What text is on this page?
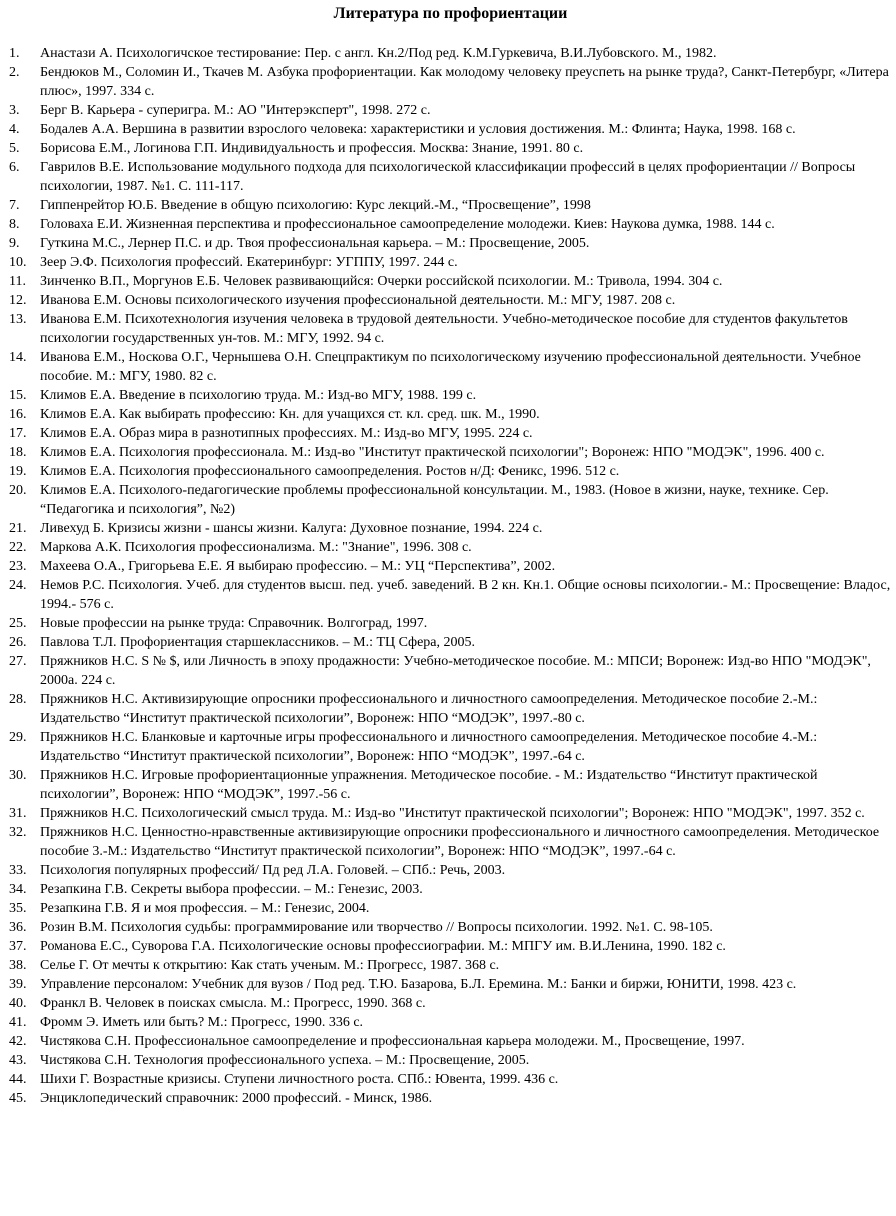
Литература по профориентации
1.	Анастази А. Психологичское тестирование: Пер. с англ. Кн.2/Под ред. К.М.Гуркевича, В.И.Лубовского. М., 1982.
2.	Бендюков М., Соломин И., Ткачев М. Азбука профориентации. Как молодому человеку преуспеть на рынке труда?, Санкт-Петербург, «Литера плюс», 1997. 334 с.
3.	Берг В. Карьера - суперигра. М.: АО "Интерэксперт", 1998. 272 с.
4.	Бодалев А.А. Вершина в развитии взрослого человека: характеристики и условия достижения. М.: Флинта; Наука, 1998. 168 с.
5.	Борисова Е.М., Логинова Г.П. Индивидуальность и профессия. Москва: Знание, 1991. 80 с.
6.	Гаврилов В.Е. Использование модульного подхода для психологической классификации профессий в целях профориентации // Вопросы психологии, 1987. №1. С. 111-117.
7.	Гиппенрейтор Ю.Б. Введение в общую психологию: Курс лекций.-М., “Просвещение”, 1998
8.	Головаха Е.И. Жизненная перспектива и профессиональное самоопределение молодежи. Киев: Наукова думка, 1988. 144 с.
9.	Гуткина М.С., Лернер П.С. и др. Твоя профессиональная карьера. – М.: Просвещение, 2005.
10. Зеер Э.Ф. Психология профессий. Екатеринбург: УГППУ, 1997. 244 с.
11.	Зинченко В.П., Моргунов Е.Б. Человек развивающийся: Очерки российской психологии. М.: Тривола, 1994. 304 с.
12. Иванова Е.М. Основы психологического изучения профессиональной деятельности. М.: МГУ, 1987. 208 с.
13. Иванова Е.М. Психотехнология изучения человека в трудовой деятельности. Учебно-методическое пособие для студентов факультетов психологии государственных ун-тов. М.: МГУ, 1992. 94 с.
14. Иванова Е.М., Носкова О.Г., Чернышева О.Н. Спецпрактикум по психологическому изучению профессиональной деятельности. Учебное пособие. М.: МГУ, 1980. 82 с.
15. Климов Е.А. Введение в психологию труда. М.: Изд-во МГУ, 1988. 199 с.
16. Климов Е.А. Как выбирать профессию: Кн. для учащихся ст. кл. сред. шк. М., 1990.
17. Климов Е.А. Образ мира в разнотипных профессиях. М.: Изд-во МГУ, 1995. 224 с.
18. Климов Е.А. Психология профессионала. М.: Изд-во "Институт практической психологии"; Воронеж: НПО "МОДЭК", 1996. 400 с.
19. Климов Е.А. Психология профессионального самоопределения. Ростов н/Д: Феникс, 1996. 512 с.
20. Климов Е.А. Психолого-педагогические проблемы профессиональной консультации. М., 1983. (Новое в жизни, науке, технике. Сер. “Педагогика и психология”, №2)
21. Ливехуд Б. Кризисы жизни - шансы жизни. Калуга: Духовное познание, 1994. 224 с.
22. Маркова А.К. Психология профессионализма. М.: "Знание", 1996. 308 с.
23. Махеева О.А., Григорьева Е.Е. Я выбираю профессию. – М.: УЦ “Перспектива”, 2002.
24. Немов Р.С. Психология. Учеб. для студентов высш. пед. учеб. заведений. В 2 кн. Кн.1. Общие основы психологии.- М.: Просвещение: Владос, 1994.- 576 с.
25. Новые профессии на рынке труда: Справочник. Волгоград, 1997.
26. Павлова Т.Л. Профориентация старшеклассников. – М.: ТЦ Сфера, 2005.
27. Пряжников Н.С. S № $, или Личность в эпоху продажности: Учебно-методическое пособие. М.: МПСИ; Воронеж: Изд-во НПО "МОДЭК", 2000а. 224 с.
28. Пряжников Н.С. Активизирующие опросники профессионального и личностного самоопределения. Методическое пособие 2.-М.: Издательство “Институт практической психологии”, Воронеж: НПО “МОДЭК”, 1997.-80 с.
29. Пряжников Н.С. Бланковые и карточные игры профессионального и личностного самоопределения. Методическое пособие 4.-М.: Издательство “Институт практической психологии”, Воронеж: НПО “МОДЭК”, 1997.-64 с.
30. Пряжников Н.С. Игровые профориентационные упражнения. Методическое пособие. - М.: Издательство “Институт практической психологии”, Воронеж: НПО “МОДЭК”, 1997.-56 с.
31. Пряжников Н.С. Психологический смысл труда. М.: Изд-во "Институт практической психологии"; Воронеж: НПО "МОДЭК", 1997. 352 с.
32. Пряжников Н.С. Ценностно-нравственные активизирующие опросники профессионального и личностного самоопределения. Методическое пособие 3.-М.: Издательство “Институт практической психологии”, Воронеж: НПО “МОДЭК”, 1997.-64 с.
33. Психология популярных профессий/ Пд ред Л.А. Головей. – СПб.: Речь, 2003.
34. Резапкина Г.В. Секреты выбора профессии. – М.: Генезис, 2003.
35. Резапкина Г.В. Я и моя профессия. – М.: Генезис, 2004.
36. Розин В.М. Психология судьбы: программирование или творчество // Вопросы психологии. 1992. №1. С. 98-105.
37. Романова Е.С., Суворова Г.А. Психологические основы профессиографии. М.: МПГУ им. В.И.Ленина, 1990. 182 с.
38. Селье Г. От мечты к открытию: Как стать ученым. М.: Прогресс, 1987. 368 с.
39. Управление персоналом: Учебник для вузов / Под ред. Т.Ю. Базарова, Б.Л. Еремина. М.: Банки и биржи, ЮНИТИ, 1998. 423 с.
40. Франкл В. Человек в поисках смысла. М.: Прогресс, 1990. 368 с.
41. Фромм Э. Иметь или быть? М.: Прогресс, 1990. 336 с.
42. Чистякова С.Н. Профессиональное самоопределение и профессиональная карьера молодежи. М., Просвещение, 1997.
43. Чистякова С.Н. Технология профессионального успеха. – М.: Просвещение, 2005.
44. Шихи Г. Возрастные кризисы. Ступени личностного роста. СПб.: Ювента, 1999. 436 с.
45. Энциклопедический справочник: 2000 профессий. - Минск, 1986.
